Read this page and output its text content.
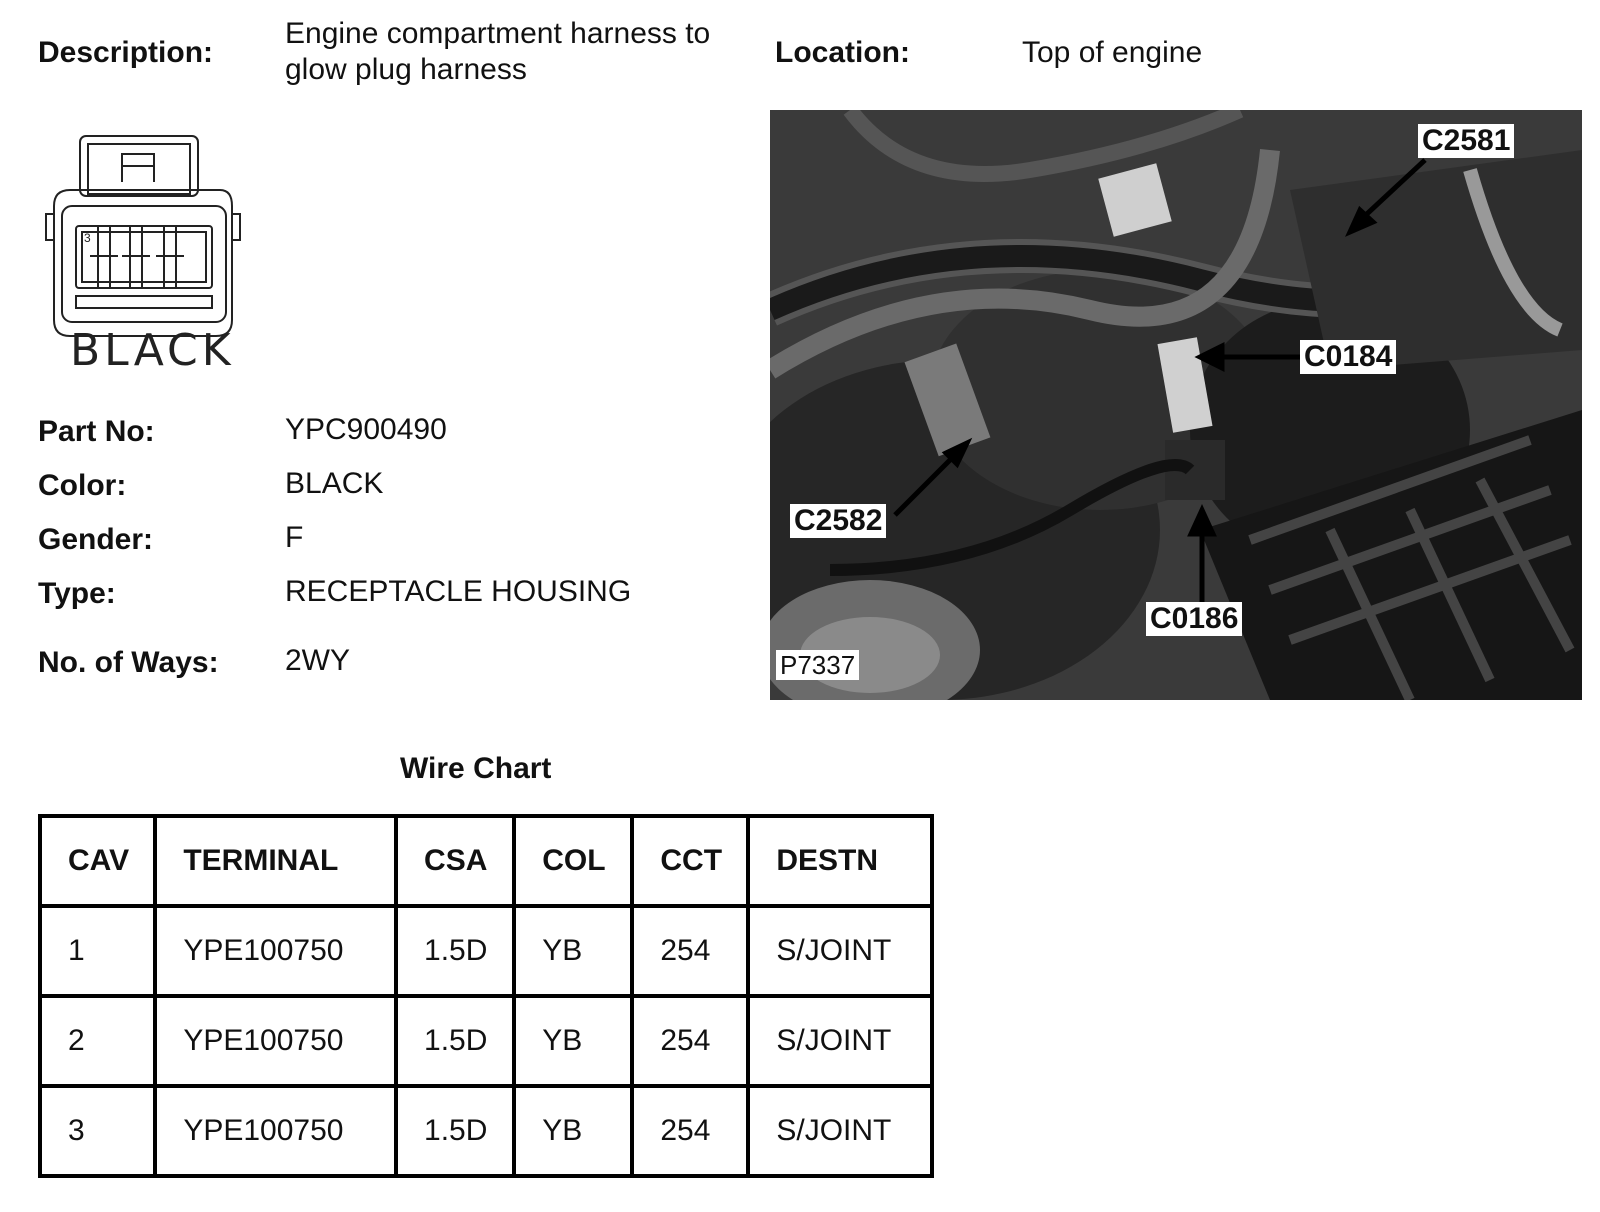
Description:
Engine compartment harness to
glow plug harness
Location:	Top of engine
3
BLACK
Part No:	YPC900490
Color:	BLACK
Gender:	F
Type:	RECEPTACLE HOUSING
No. of Ways: 2WY
C2581
C0184
C2582
C0186
P7337
Wire Chart
CAV	TERMINAL	CSA	COL	CCT	DESTN
1	YPE100750	1.5D	YB	254	S/JOINT
2	YPE100750	1.5D	YB	254	S/JOINT
3	YPE100750	1.5D	YB	254	S/JOINT
